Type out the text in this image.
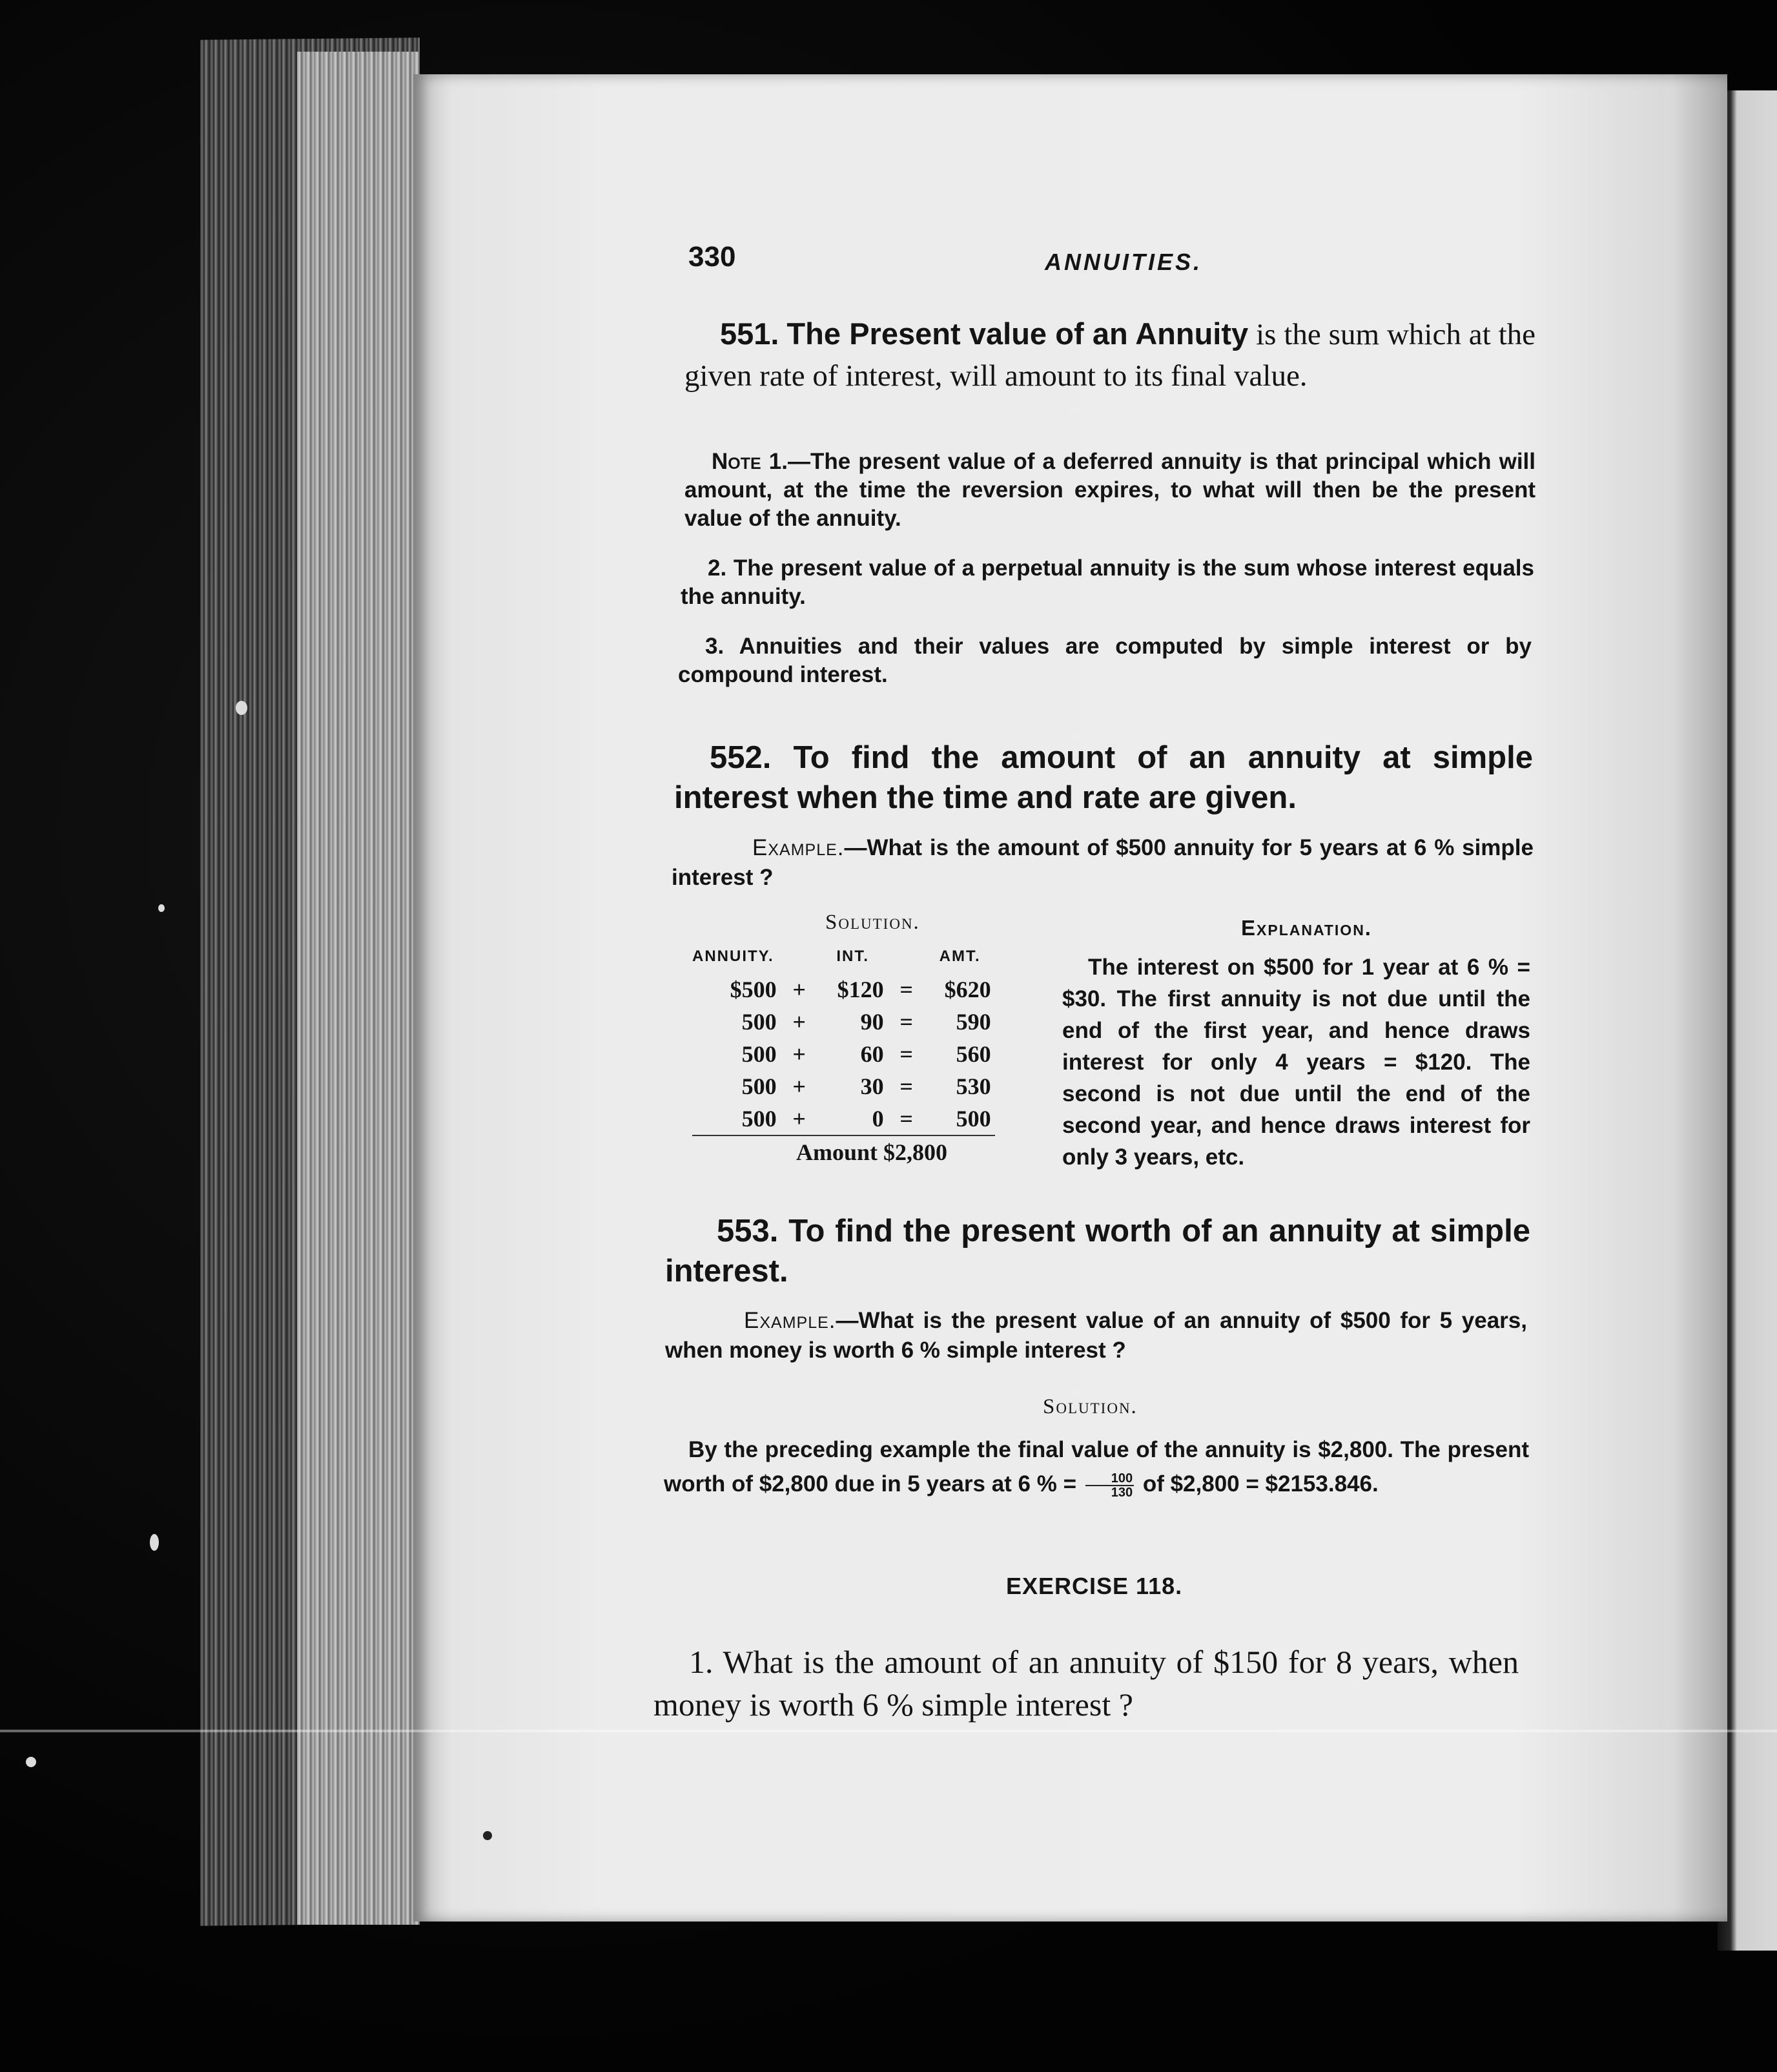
330	ANNUITIES.
551. The Present value of an Annuity is the sum which at the given rate of interest, will amount to its final value.
Note 1.—The present value of a deferred annuity is that principal which will amount, at the time the reversion expires, to what will then be the present value of the annuity.
2. The present value of a perpetual annuity is the sum whose interest equals the annuity.
3. Annuities and their values are computed by simple interest or by compound interest.
552. To find the amount of an annuity at simple interest when the time and rate are given.
Example.—What is the amount of $500 annuity for 5 years at 6 % simple interest ?
Solution.	Explanation.
ANNUITY.		INT.		AMT.
$500	+	$120	=	$620
500	+	90	=	590
500	+	60	=	560
500	+	30	=	530
500	+	0	=	500
Amount $2,800
The interest on $500 for 1 year at 6 % = $30. The first annuity is not due until the end of the first year, and hence draws interest for only 4 years = $120. The second is not due until the end of the second year, and hence draws interest for only 3 years, etc.
553. To find the present worth of an annuity at simple interest.
Example.—What is the present value of an annuity of $500 for 5 years, when money is worth 6 % simple interest ?
Solution.
By the preceding example the final value of the annuity is $2,800. The present worth of $2,800 due in 5 years at 6 % = $\frac{100}{130}$ of $2,800 = $2153.846.
EXERCISE 118.
1. What is the amount of an annuity of $150 for 8 years, when money is worth 6 % simple interest ?
